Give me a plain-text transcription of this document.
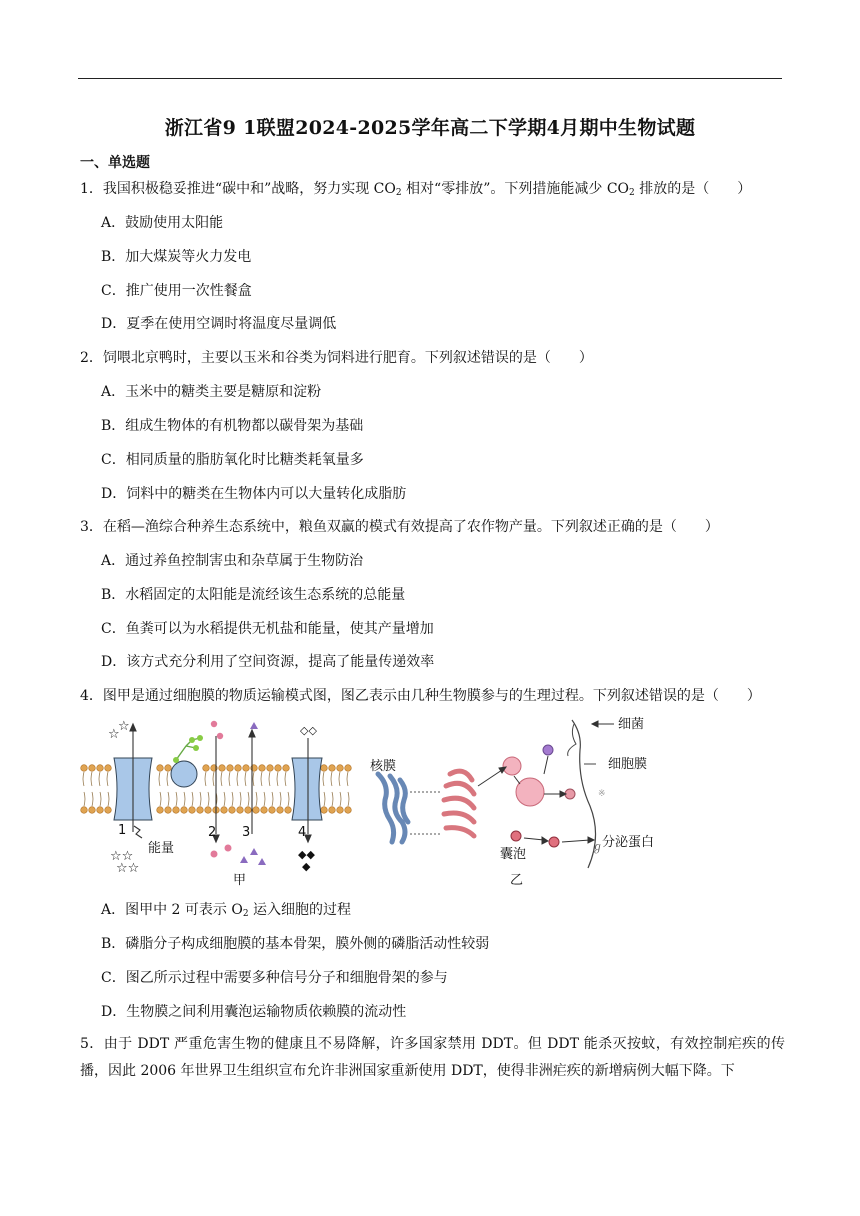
浙江省9 1联盟2024-2025学年高二下学期4月期中生物试题
一、单选题
1．我国积极稳妥推进“碳中和”战略，努力实现 $CO_2$ 相对“零排放”。下列措施能减少 $CO_2$ 排放的是（　　）
A．鼓励使用太阳能
B．加大煤炭等火力发电
C．推广使用一次性餐盒
D．夏季在使用空调时将温度尽量调低
2．饲喂北京鸭时，主要以玉米和谷类为饲料进行肥育。下列叙述错误的是（　　）
A．玉米中的糖类主要是糖原和淀粉
B．组成生物体的有机物都以碳骨架为基础
C．相同质量的脂肪氧化时比糖类耗氧量多
D．饲料中的糖类在生物体内可以大量转化成脂肪
3．在稻—渔综合种养生态系统中，粮鱼双赢的模式有效提高了农作物产量。下列叙述正确的是（　　）
A．通过养鱼控制害虫和杂草属于生物防治
B．水稻固定的太阳能是流经该生态系统的总能量
C．鱼粪可以为水稻提供无机盐和能量，使其产量增加
D．该方式充分利用了空间资源，提高了能量传递效率
4．图甲是通过细胞膜的物质运输模式图，图乙表示由几种生物膜参与的生理过程。下列叙述错误的是（　　）
☆
☆	◇◇
☆☆
☆☆
◆◆
◆
1	2 3	4
能量
甲
※
ℊ
核膜
细菌
细胞膜
分泌蛋白
囊泡
乙
A．图甲中 2 可表示 $O_2$ 运入细胞的过程
B．磷脂分子构成细胞膜的基本骨架，膜外侧的磷脂活动性较弱
C．图乙所示过程中需要多种信号分子和细胞骨架的参与
D．生物膜之间利用囊泡运输物质依赖膜的流动性
5．由于 DDT 严重危害生物的健康且不易降解，许多国家禁用 DDT。但 DDT 能杀灭按蚊，有效控制疟疾的传播，因此 2006 年世界卫生组织宣布允许非洲国家重新使用 DDT，使得非洲疟疾的新增病例大幅下降。下
